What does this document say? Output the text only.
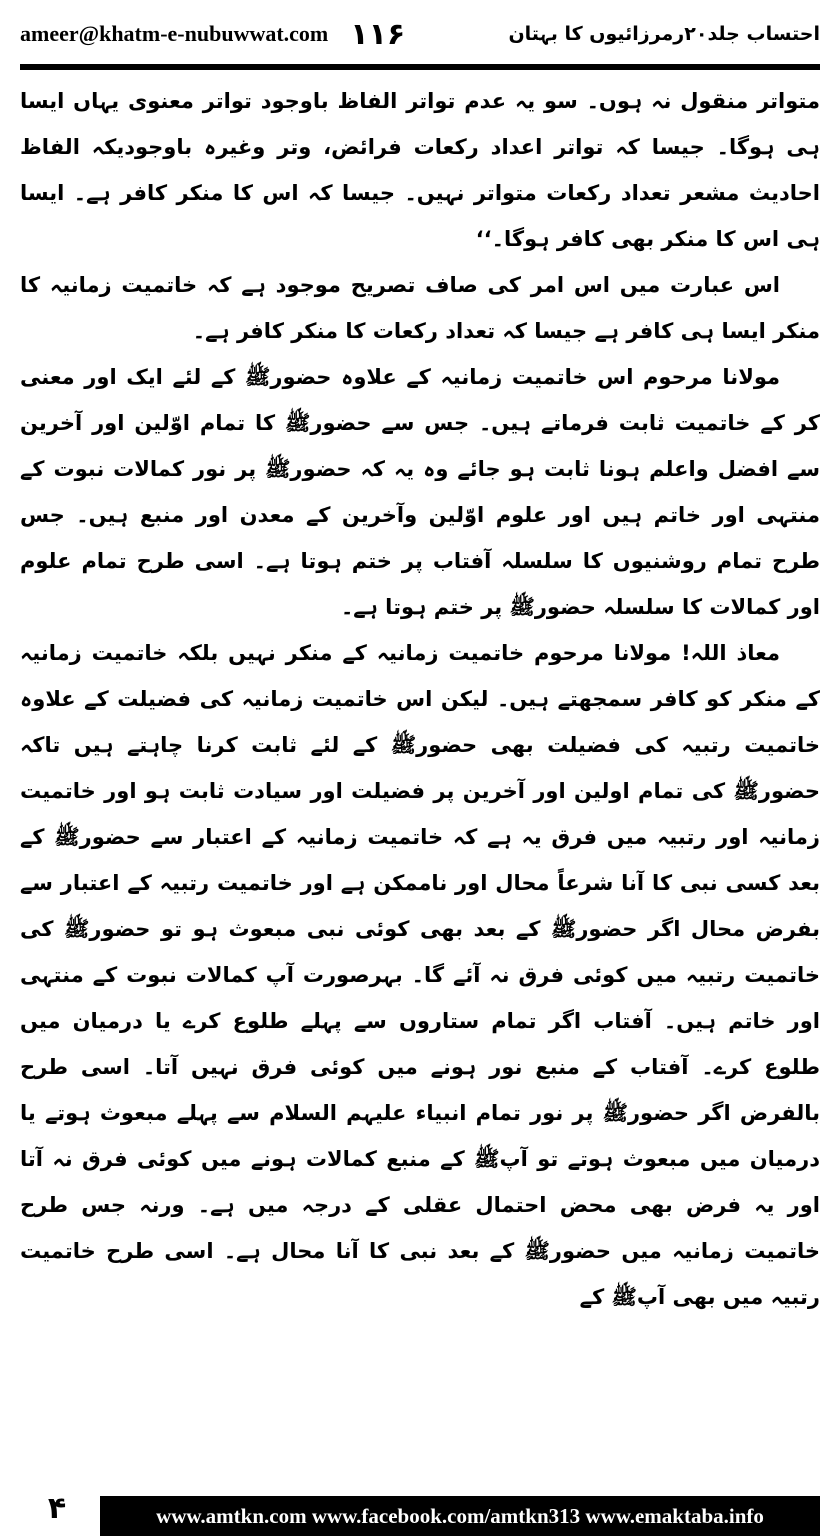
ameer@khatm-e-nubuwwat.com ۱۱۶	احتساب جلد۲۰رمرزائیوں کا بہتان

متواتر منقول نہ ہوں۔ سو یہ عدم تواتر الفاظ باوجود تواتر معنوی یہاں ایسا ہی ہوگا۔ جیسا کہ تواتر اعداد رکعات فرائض، وتر وغیرہ باوجودیکہ الفاظ احادیث مشعر تعداد رکعات متواتر نہیں۔ جیسا کہ اس کا منکر کافر ہے۔ ایسا ہی اس کا منکر بھی کافر ہوگا۔‘‘

اس عبارت میں اس امر کی صاف تصریح موجود ہے کہ خاتمیت زمانیہ کا منکر ایسا ہی کافر ہے جیسا کہ تعداد رکعات کا منکر کافر ہے۔

مولانا مرحوم اس خاتمیت زمانیہ کے علاوہ حضورﷺ کے لئے ایک اور معنی کر کے خاتمیت ثابت فرماتے ہیں۔ جس سے حضورﷺ کا تمام اوّلین اور آخرین سے افضل واعلم ہونا ثابت ہو جائے وہ یہ کہ حضورﷺ پر نور کمالات نبوت کے منتہی اور خاتم ہیں اور علوم اوّلین وآخرین کے معدن اور منبع ہیں۔ جس طرح تمام روشنیوں کا سلسلہ آفتاب پر ختم ہوتا ہے۔ اسی طرح تمام علوم اور کمالات کا سلسلہ حضورﷺ پر ختم ہوتا ہے۔

معاذ اللہ! مولانا مرحوم خاتمیت زمانیہ کے منکر نہیں بلکہ خاتمیت زمانیہ کے منکر کو کافر سمجھتے ہیں۔ لیکن اس خاتمیت زمانیہ کی فضیلت کے علاوہ خاتمیت رتبیہ کی فضیلت بھی حضورﷺ کے لئے ثابت کرنا چاہتے ہیں تاکہ حضورﷺ کی تمام اولین اور آخرین پر فضیلت اور سیادت ثابت ہو اور خاتمیت زمانیہ اور رتبیہ میں فرق یہ ہے کہ خاتمیت زمانیہ کے اعتبار سے حضورﷺ کے بعد کسی نبی کا آنا شرعاً محال اور ناممکن ہے اور خاتمیت رتبیہ کے اعتبار سے بفرض محال اگر حضورﷺ کے بعد بھی کوئی نبی مبعوث ہو تو حضورﷺ کی خاتمیت رتبیہ میں کوئی فرق نہ آئے گا۔ بہرصورت آپ کمالات نبوت کے منتہی اور خاتم ہیں۔ آفتاب اگر تمام ستاروں سے پہلے طلوع کرے یا درمیان میں طلوع کرے۔ آفتاب کے منبع نور ہونے میں کوئی فرق نہیں آتا۔ اسی طرح بالفرض اگر حضورﷺ پر نور تمام انبیاء علیہم السلام سے پہلے مبعوث ہوتے یا درمیان میں مبعوث ہوتے تو آپﷺ کے منبع کمالات ہونے میں کوئی فرق نہ آتا اور یہ فرض بھی محض احتمال عقلی کے درجہ میں ہے۔ ورنہ جس طرح خاتمیت زمانیہ میں حضورﷺ کے بعد نبی کا آنا محال ہے۔ اسی طرح خاتمیت رتبیہ میں بھی آپﷺ کے

۴	www.amtkn.com www.facebook.com/amtkn313 www.emaktaba.info
